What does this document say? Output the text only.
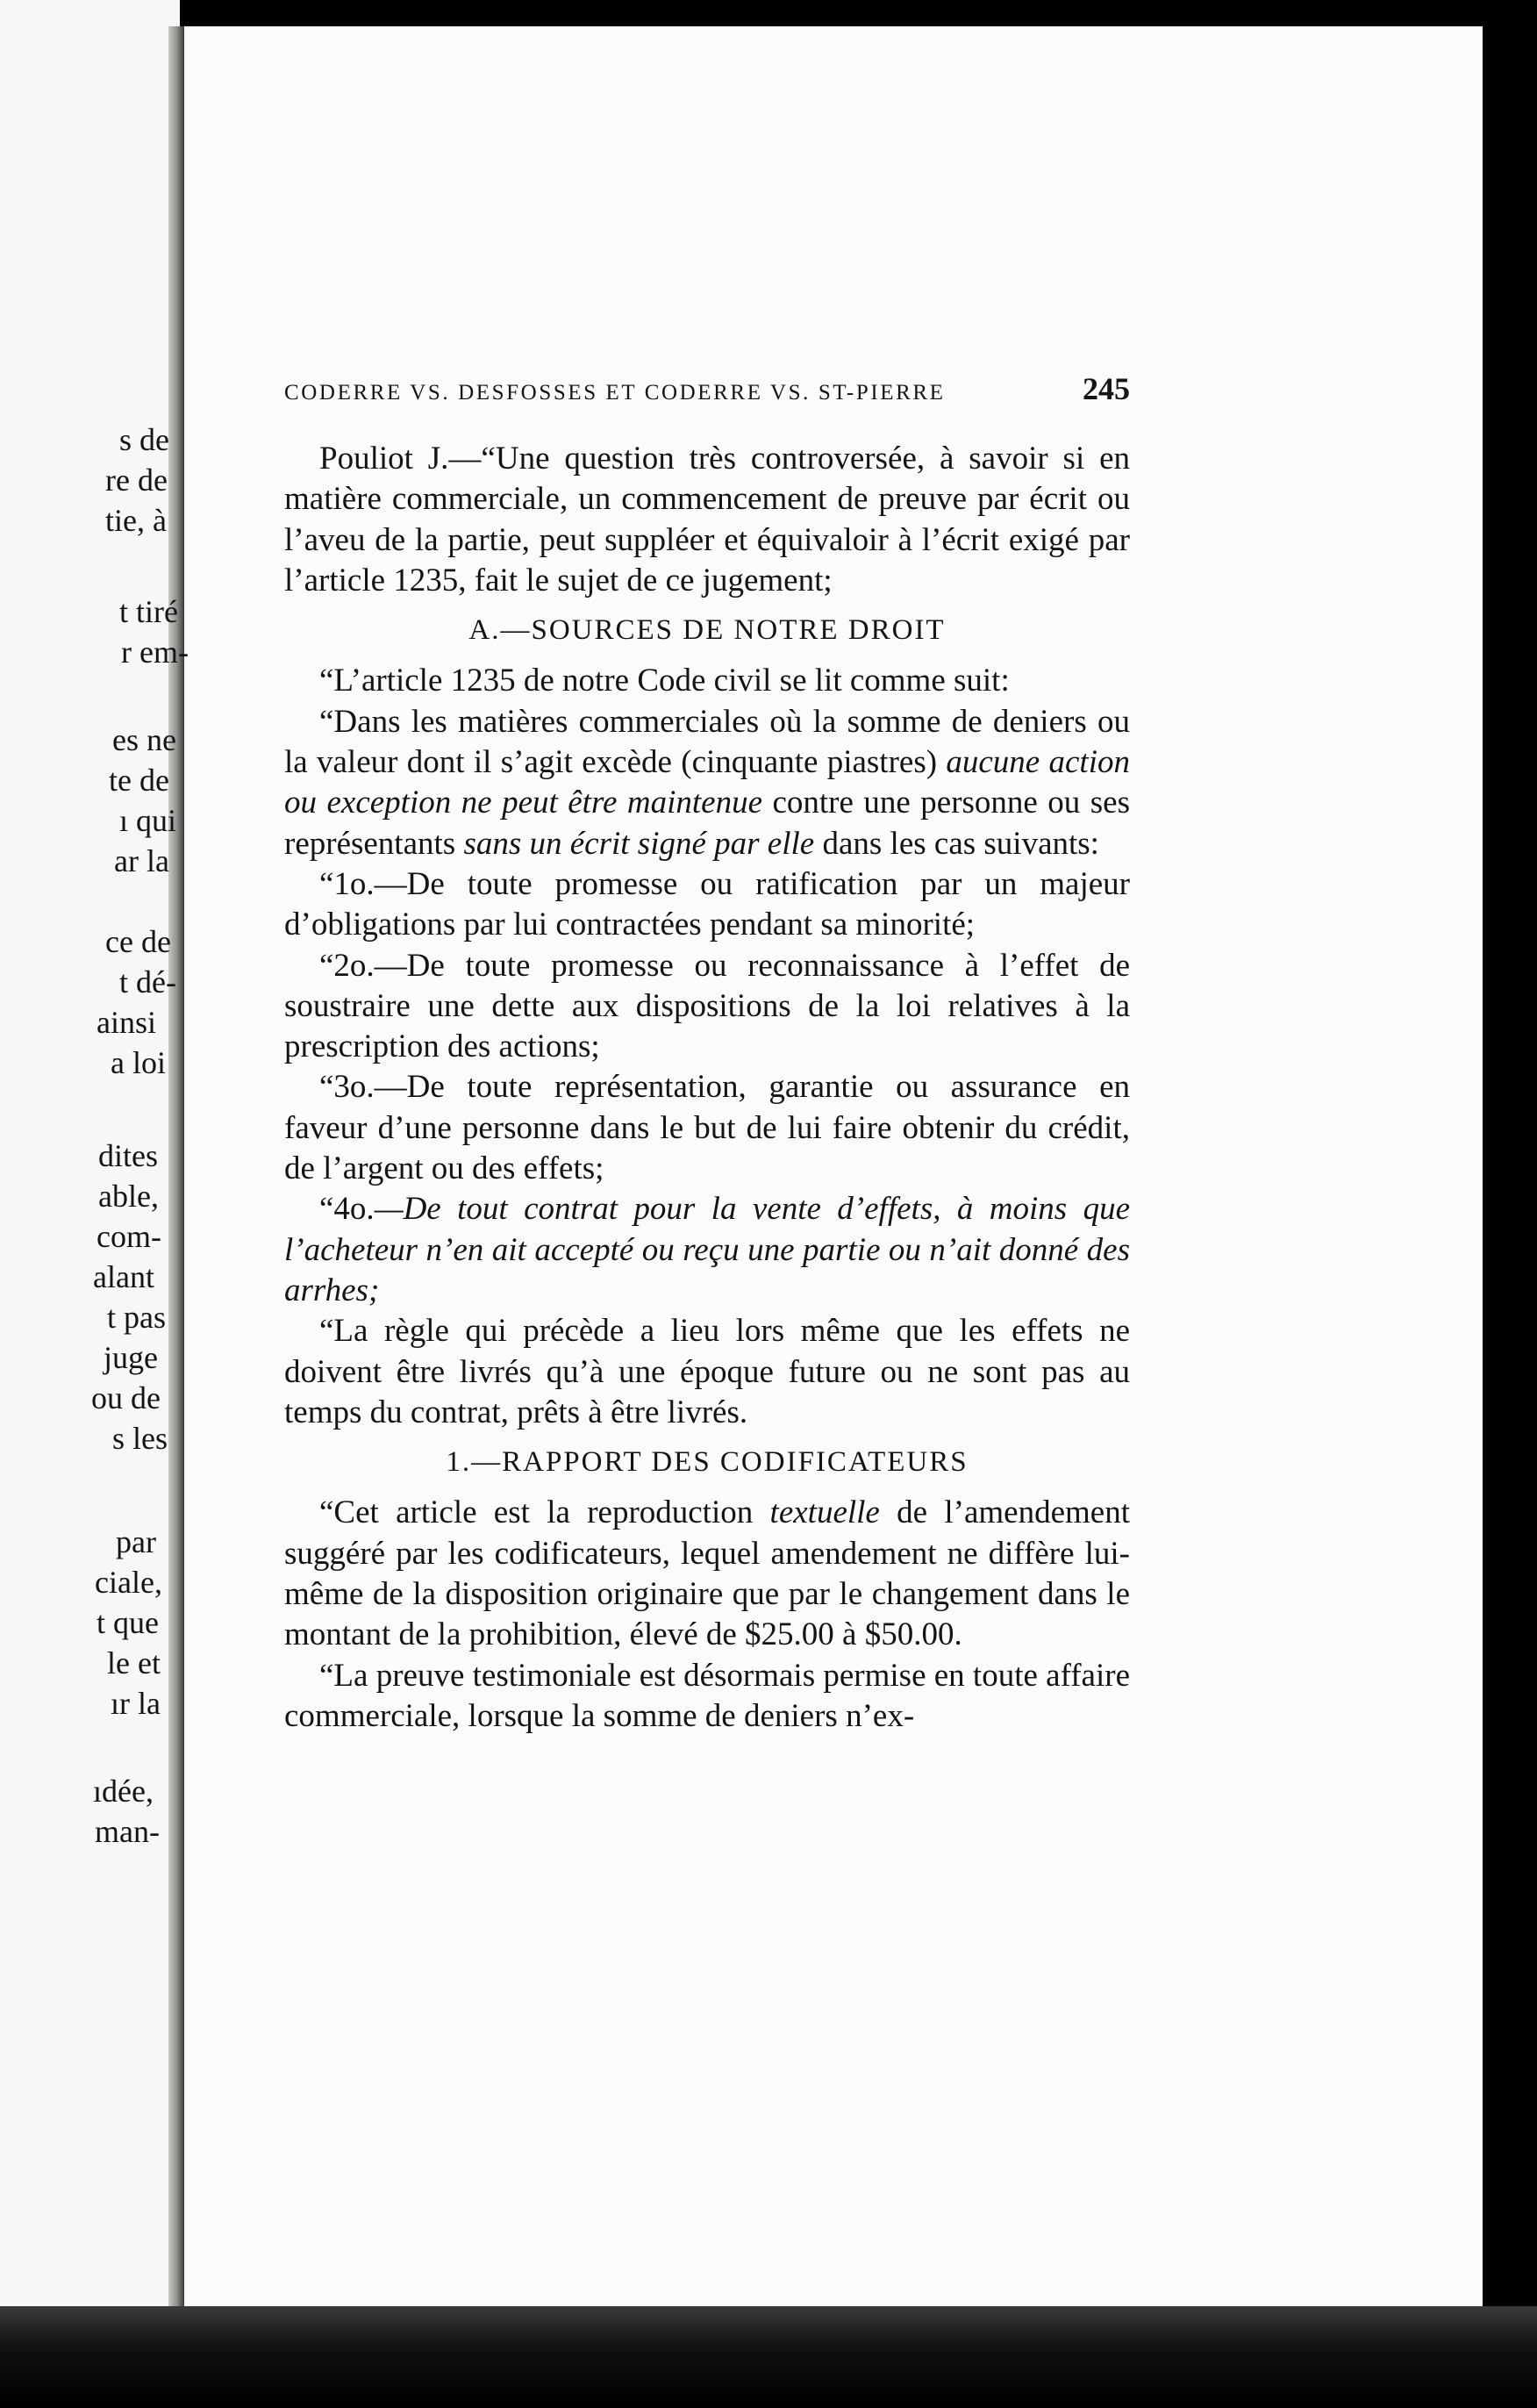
s de
re de
tie, à
t tiré
r em-
es ne
te de
ı qui
ar la
ce de
t dé-
ainsi
a loi
dites
able,
com-
alant
t pas
juge
ou de
s les
par
ciale,
t que
le et
ır la
ıdée,
man-
CODERRE VS. DESFOSSES ET CODERRE VS. ST-PIERRE	245

Pouliot J.—“Une question très controversée, à savoir si en matière commerciale, un commencement de preuve par écrit ou l’aveu de la partie, peut suppléer et équivaloir à l’écrit exigé par l’article 1235, fait le sujet de ce jugement;

A.—SOURCES DE NOTRE DROIT

“L’article 1235 de notre Code civil se lit comme suit:

“Dans les matières commerciales où la somme de deniers ou la valeur dont il s’agit excède (cinquante piastres) aucune action ou exception ne peut être maintenue contre une personne ou ses représentants sans un écrit signé par elle dans les cas suivants:

“1o.—De toute promesse ou ratification par un majeur d’obligations par lui contractées pendant sa minorité;

“2o.—De toute promesse ou reconnaissance à l’effet de soustraire une dette aux dispositions de la loi relatives à la prescription des actions;

“3o.—De toute représentation, garantie ou assurance en faveur d’une personne dans le but de lui faire obtenir du crédit, de l’argent ou des effets;

“4o.—De tout contrat pour la vente d’effets, à moins que l’acheteur n’en ait accepté ou reçu une partie ou n’ait donné des arrhes;

“La règle qui précède a lieu lors même que les effets ne doivent être livrés qu’à une époque future ou ne sont pas au temps du contrat, prêts à être livrés.

1.—RAPPORT DES CODIFICATEURS

“Cet article est la reproduction textuelle de l’amendement suggéré par les codificateurs, lequel amendement ne diffère lui-même de la disposition originaire que par le changement dans le montant de la prohibition, élevé de $25.00 à $50.00.

“La preuve testimoniale est désormais permise en toute affaire commerciale, lorsque la somme de deniers n’ex-
